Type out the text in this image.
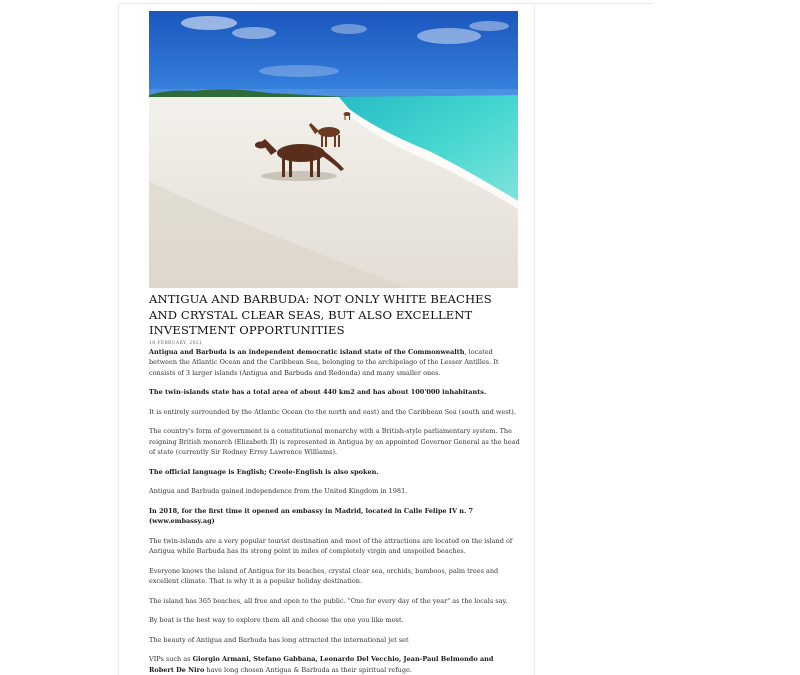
ANTIGUA AND BARBUDA: NOT ONLY WHITE BEACHES AND CRYSTAL CLEAR SEAS, BUT ALSO EXCELLENT INVESTMENT OPPORTUNITIES
18 FEBRUARY, 2021

Antigua and Barbuda is an independent democratic island state of the Commonwealth, located between the Atlantic Ocean and the Caribbean Sea, belonging to the archipelago of the Lesser Antilles. It consists of 3 larger islands (Antigua and Barbuda and Redonda) and many smaller ones.

The twin-islands state has a total area of about 440 km2 and has about 100'000 inhabitants.

It is entirely surrounded by the Atlantic Ocean (to the north and east) and the Caribbean Sea (south and west).

The country's form of government is a constitutional monarchy with a British-style parliamentary system. The reigning British monarch (Elizabeth II) is represented in Antigua by an appointed Governor General as the head of state (currently Sir Rodney Errey Lawrence Williams).

The official language is English; Creole-English is also spoken.

Antigua and Barbuda gained independence from the United Kingdom in 1981.

In 2018, for the first time it opened an embassy in Madrid, located in Calle Felipe IV n. 7 (www.embassy.ag)

The twin-islands are a very popular tourist destination and most of the attractions are located on the island of Antigua while Barbuda has its strong point in miles of completely virgin and unspoiled beaches.

Everyone knows the island of Antigua for its beaches, crystal clear sea, orchids, bamboos, palm trees and excellent climate. That is why it is a popular holiday destination.

The island has 365 beaches, all free and open to the public. "One for every day of the year" as the locals say.

By boat is the best way to explore them all and choose the one you like most.

The beauty of Antigua and Barbuda has long attracted the international jet set

VIPs such as Giorgio Armani, Stefano Gabbana, Leonardo Del Vecchio, Jean-Paul Belmondo and Robert De Niro have long chosen Antigua & Barbuda as their spiritual refuge.
